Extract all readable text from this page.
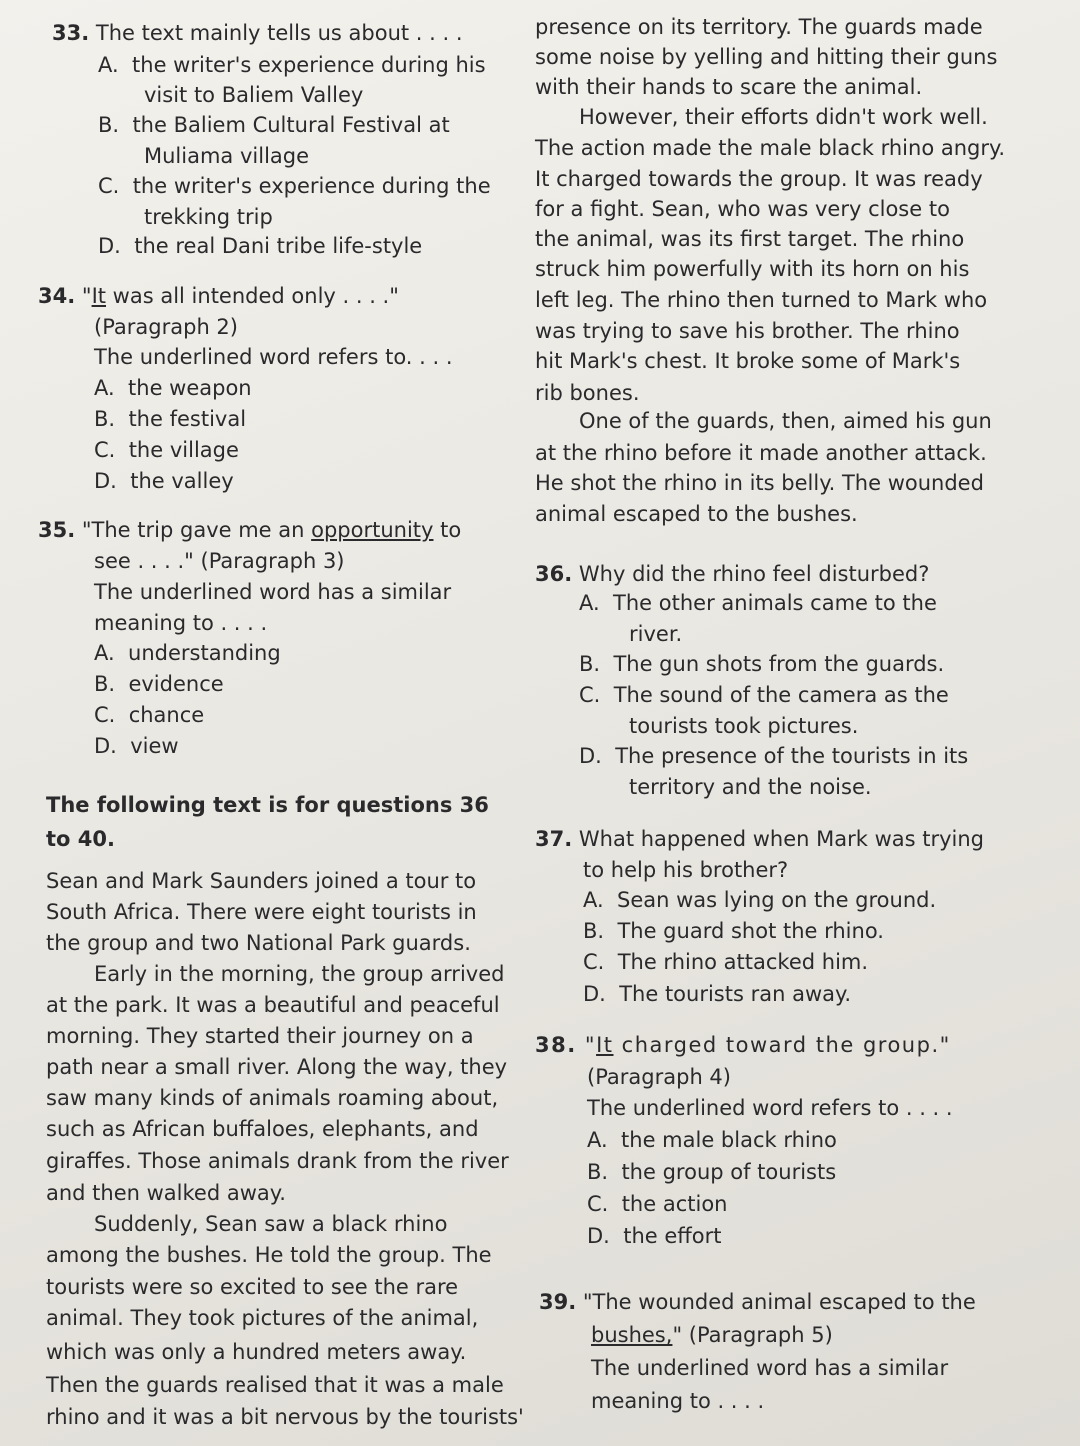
33. The text mainly tells us about . . . .
A. the writer's experience during his
visit to Baliem Valley
B. the Baliem Cultural Festival at
Muliama village
C. the writer's experience during the
trekking trip
D. the real Dani tribe life-style
34. "It was all intended only . . . ."
(Paragraph 2)
The underlined word refers to. . . .
A. the weapon
B. the festival
C. the village
D. the valley
35. "The trip gave me an opportunity to
see . . . ." (Paragraph 3)
The underlined word has a similar
meaning to . . . .
A. understanding
B. evidence
C. chance
D. view
The following text is for questions 36
to 40.
Sean and Mark Saunders joined a tour to
South Africa. There were eight tourists in
the group and two National Park guards.
Early in the morning, the group arrived
at the park. It was a beautiful and peaceful
morning. They started their journey on a
path near a small river. Along the way, they
saw many kinds of animals roaming about,
such as African buffaloes, elephants, and
giraffes. Those animals drank from the river
and then walked away.
Suddenly, Sean saw a black rhino
among the bushes. He told the group. The
tourists were so excited to see the rare
animal. They took pictures of the animal,
which was only a hundred meters away.
Then the guards realised that it was a male
rhino and it was a bit nervous by the tourists'
presence on its territory. The guards made
some noise by yelling and hitting their guns
with their hands to scare the animal.
However, their efforts didn't work well.
The action made the male black rhino angry.
It charged towards the group. It was ready
for a fight. Sean, who was very close to
the animal, was its first target. The rhino
struck him powerfully with its horn on his
left leg. The rhino then turned to Mark who
was trying to save his brother. The rhino
hit Mark's chest. It broke some of Mark's
rib bones.
One of the guards, then, aimed his gun
at the rhino before it made another attack.
He shot the rhino in its belly. The wounded
animal escaped to the bushes.
36. Why did the rhino feel disturbed?
A. The other animals came to the
river.
B. The gun shots from the guards.
C. The sound of the camera as the
tourists took pictures.
D. The presence of the tourists in its
territory and the noise.
37. What happened when Mark was trying
to help his brother?
A. Sean was lying on the ground.
B. The guard shot the rhino.
C. The rhino attacked him.
D. The tourists ran away.
38. "It charged toward the group."
(Paragraph 4)
The underlined word refers to . . . .
A. the male black rhino
B. the group of tourists
C. the action
D. the effort
39. "The wounded animal escaped to the
bushes," (Paragraph 5)
The underlined word has a similar
meaning to . . . .
